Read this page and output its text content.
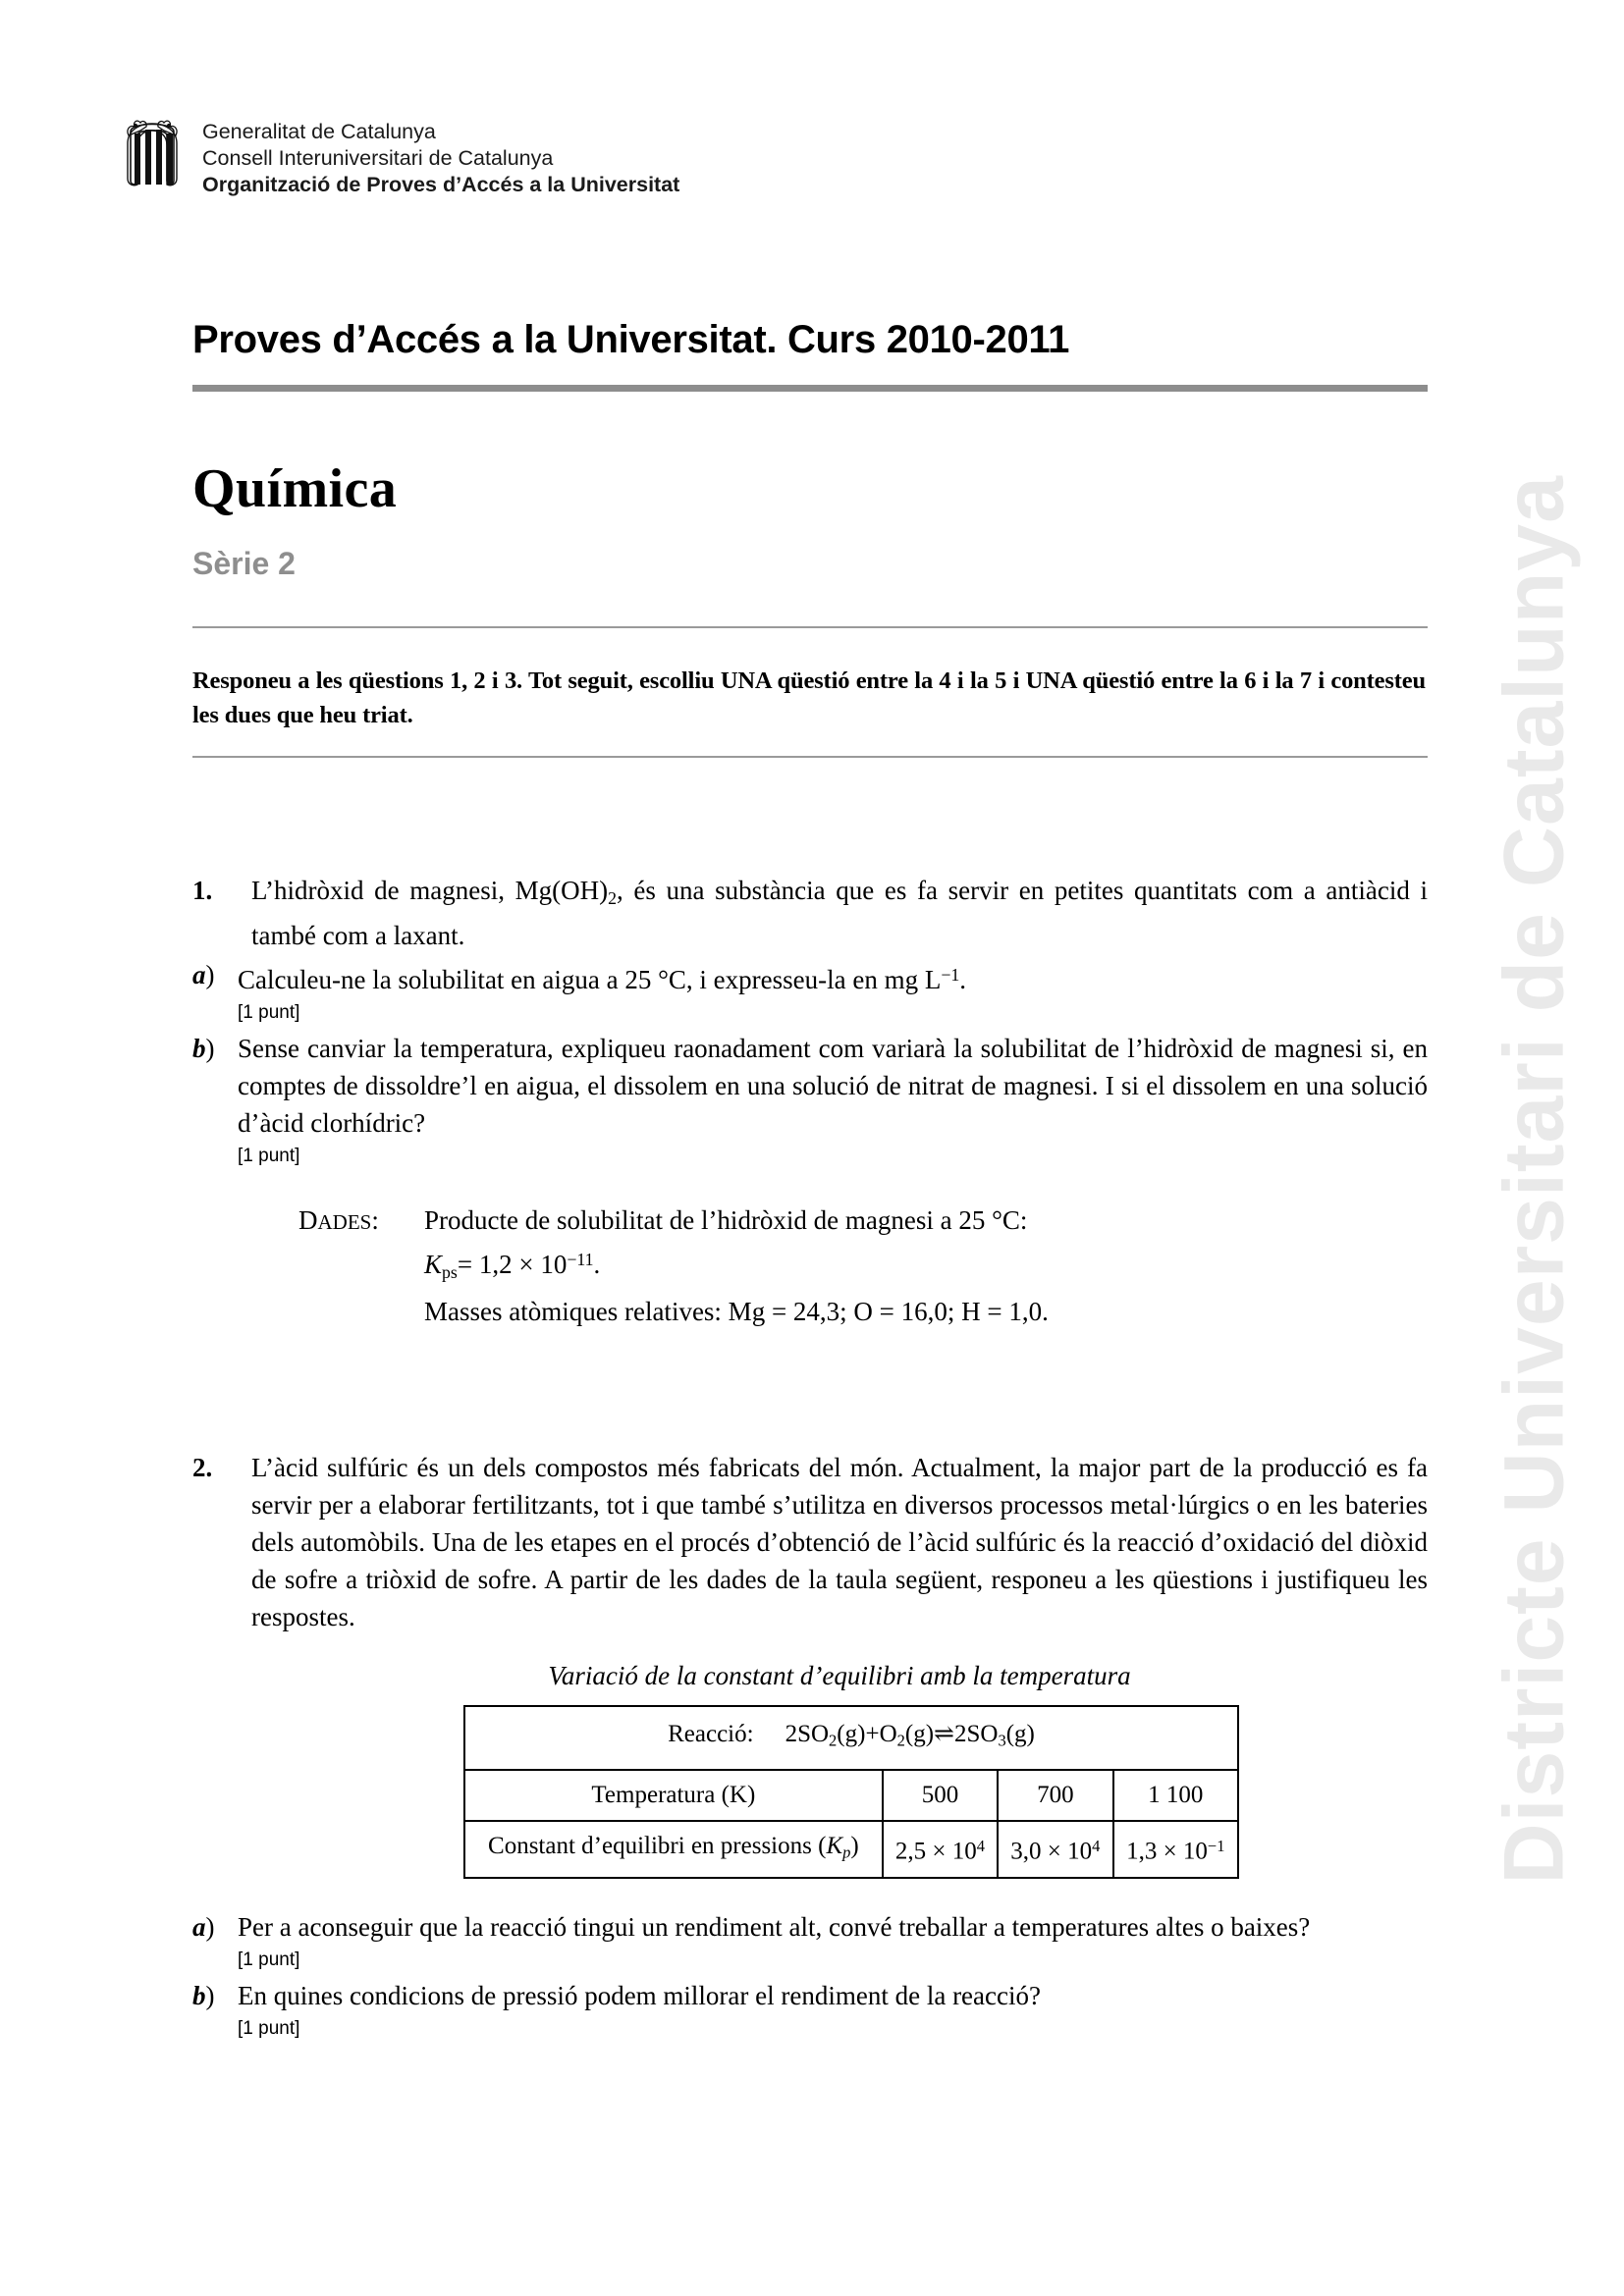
Districte Universitari de Catalunya
Generalitat de Catalunya
Consell Interuniversitari de Catalunya
Organització de Proves d’Accés a la Universitat
Proves d’Accés a la Universitat. Curs 2010-2011
Química
Sèrie 2
Responeu a les qüestions 1, 2 i 3. Tot seguit, escolliu UNA qüestió entre la 4 i la 5 i UNA qüestió entre la 6 i la 7 i contesteu les dues que heu triat.
1.	L’hidròxid de magnesi, $Mg(OH)_2$, és una substància que es fa servir en petites quantitats com a antiàcid i també com a laxant.
a) Calculeu-ne la solubilitat en aigua a 25 °C, i expresseu-la en mg $L^{-1}$.
[1 punt]
b) Sense canviar la temperatura, expliqueu raonadament com variarà la solubilitat de l’hidròxid de magnesi si, en comptes de dissoldre’l en aigua, el dissolem en una solució de nitrat de magnesi. I si el dissolem en una solució d’àcid clorhídric?
[1 punt]
DADES:	Producte de solubilitat de l’hidròxid de magnesi a 25 °C:
$K_{ps}= 1,2 \times 10^{-11}$.
Masses atòmiques relatives: Mg = 24,3; O = 16,0; H = 1,0.
2.	L’àcid sulfúric és un dels compostos més fabricats del món. Actualment, la major part de la producció es fa servir per a elaborar fertilitzants, tot i que també s’utilitza en diversos processos metal·lúrgics o en les bateries dels automòbils. Una de les etapes en el procés d’obtenció de l’àcid sulfúric és la reacció d’oxidació del diòxid de sofre a triòxid de sofre. A partir de les dades de la taula següent, responeu a les qüestions i justifiqueu les respostes.
Variació de la constant d’equilibri amb la temperatura
Reacció: $2SO_2(g)+O_2(g)\rightleftharpoons 2SO_3(g)$			
Temperatura (K)	500	700	1 100
Constant d’equilibri en pressions $(K_p)$	$2,5 \times 10^4$	$3,0 \times 10^4$	$1,3 \times 10^{-1}$
a) Per a aconseguir que la reacció tingui un rendiment alt, convé treballar a temperatures altes o baixes?
[1 punt]
b) En quines condicions de pressió podem millorar el rendiment de la reacció?
[1 punt]
